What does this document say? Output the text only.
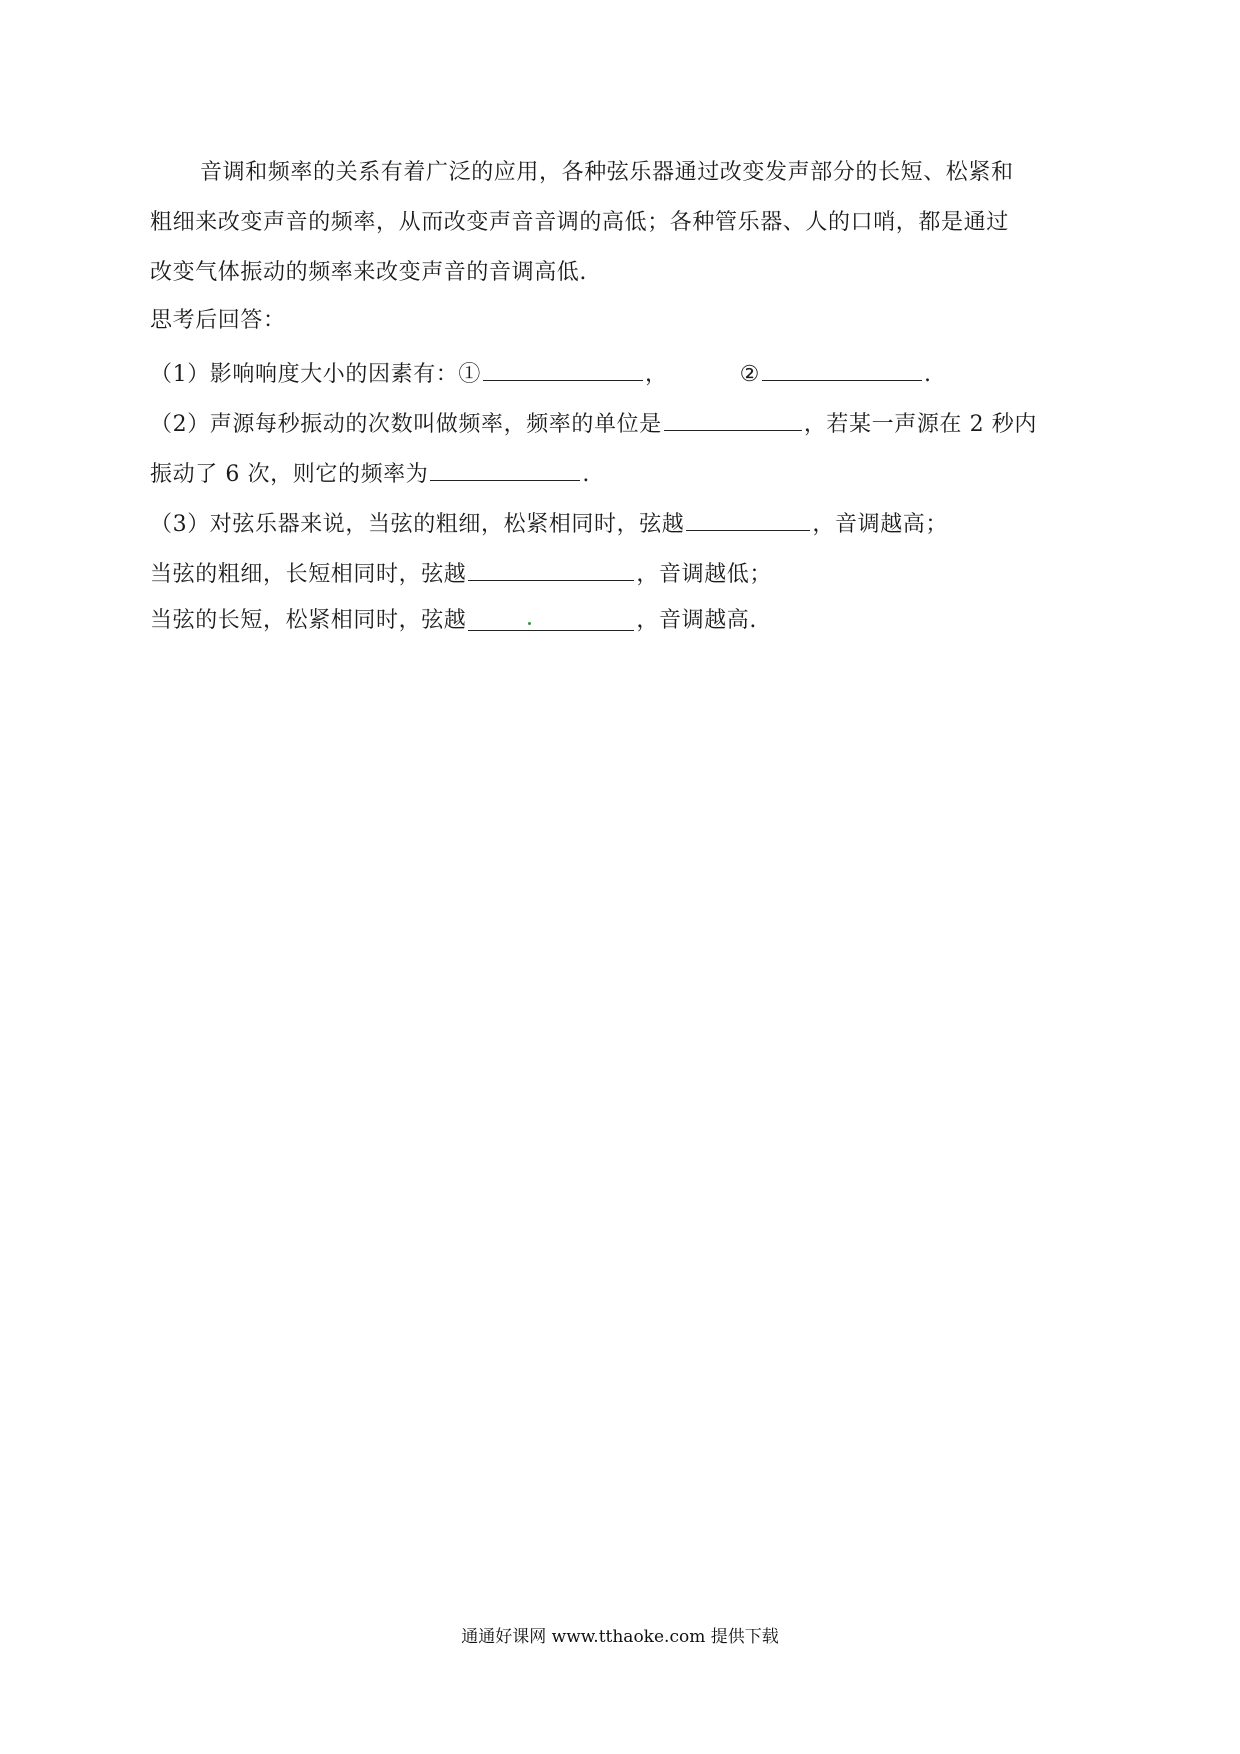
音调和频率的关系有着广泛的应用，各种弦乐器通过改变发声部分的长短、松紧和
粗细来改变声音的频率，从而改变声音音调的高低；各种管乐器、人的口哨，都是通过
改变气体振动的频率来改变声音的音调高低.
思考后回答：
（1）影响响度大小的因素有：①	，	②	.
（2）声源每秒振动的次数叫做频率，频率的单位是	，若某一声源在 2 秒内
振动了 6 次，则它的频率为	.
（3）对弦乐器来说，当弦的粗细，松紧相同时，弦越	，音调越高；
当弦的粗细，长短相同时，弦越	，音调越低；
当弦的长短，松紧相同时，弦越	，音调越高.
通通好课网 www.tthaoke.com 提供下载
